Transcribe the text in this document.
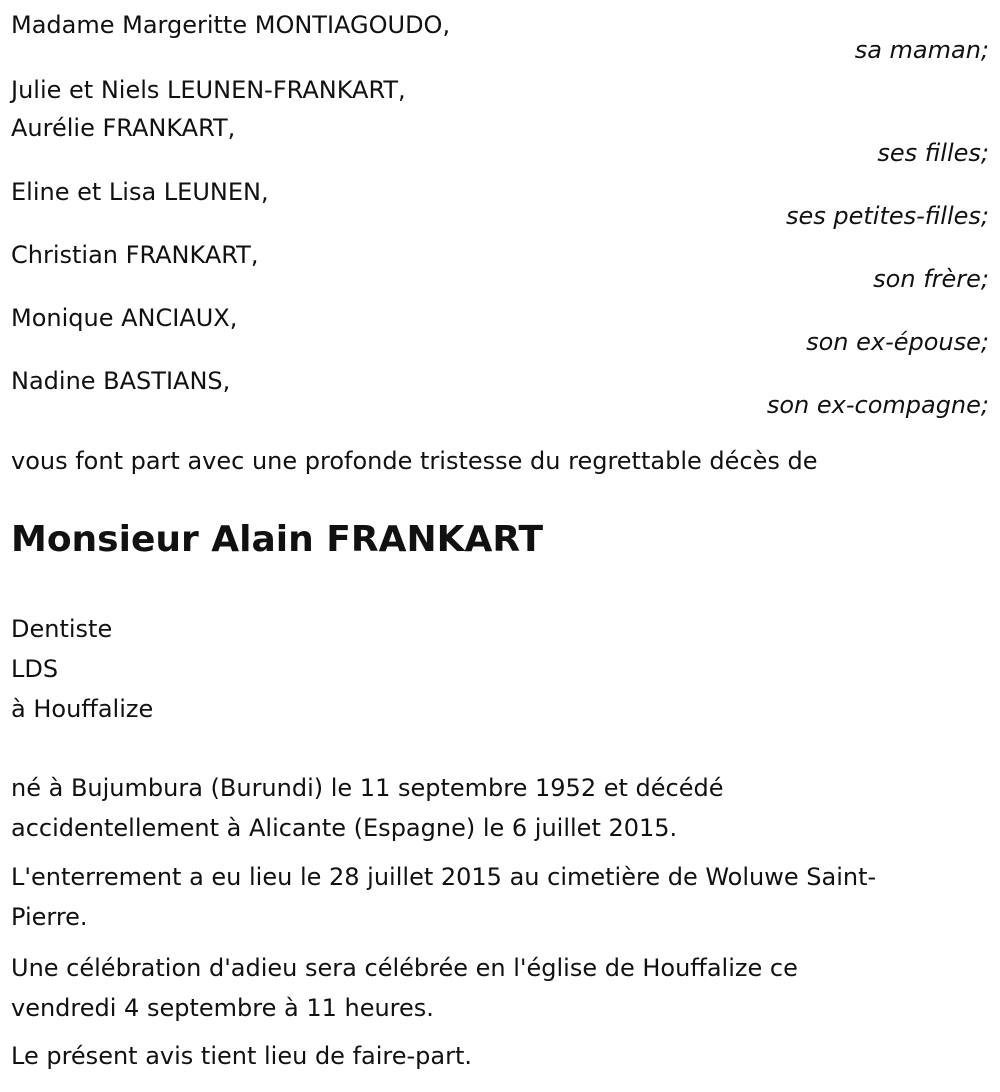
Madame Margeritte MONTIAGOUDO,
sa maman;
Julie et Niels LEUNEN-FRANKART,
Aurélie FRANKART,
ses filles;
Eline et Lisa LEUNEN,
ses petites-filles;
Christian FRANKART,
son frère;
Monique ANCIAUX,
son ex-épouse;
Nadine BASTIANS,
son ex-compagne;
vous font part avec une profonde tristesse du regrettable décès de
Monsieur Alain FRANKART
Dentiste
LDS
à Houffalize
né à Bujumbura (Burundi) le 11 septembre 1952 et décédé
accidentellement à Alicante (Espagne) le 6 juillet 2015.
L'enterrement a eu lieu le 28 juillet 2015 au cimetière de Woluwe Saint-
Pierre.
Une célébration d'adieu sera célébrée en l'église de Houffalize ce
vendredi 4 septembre à 11 heures.
Le présent avis tient lieu de faire-part.
